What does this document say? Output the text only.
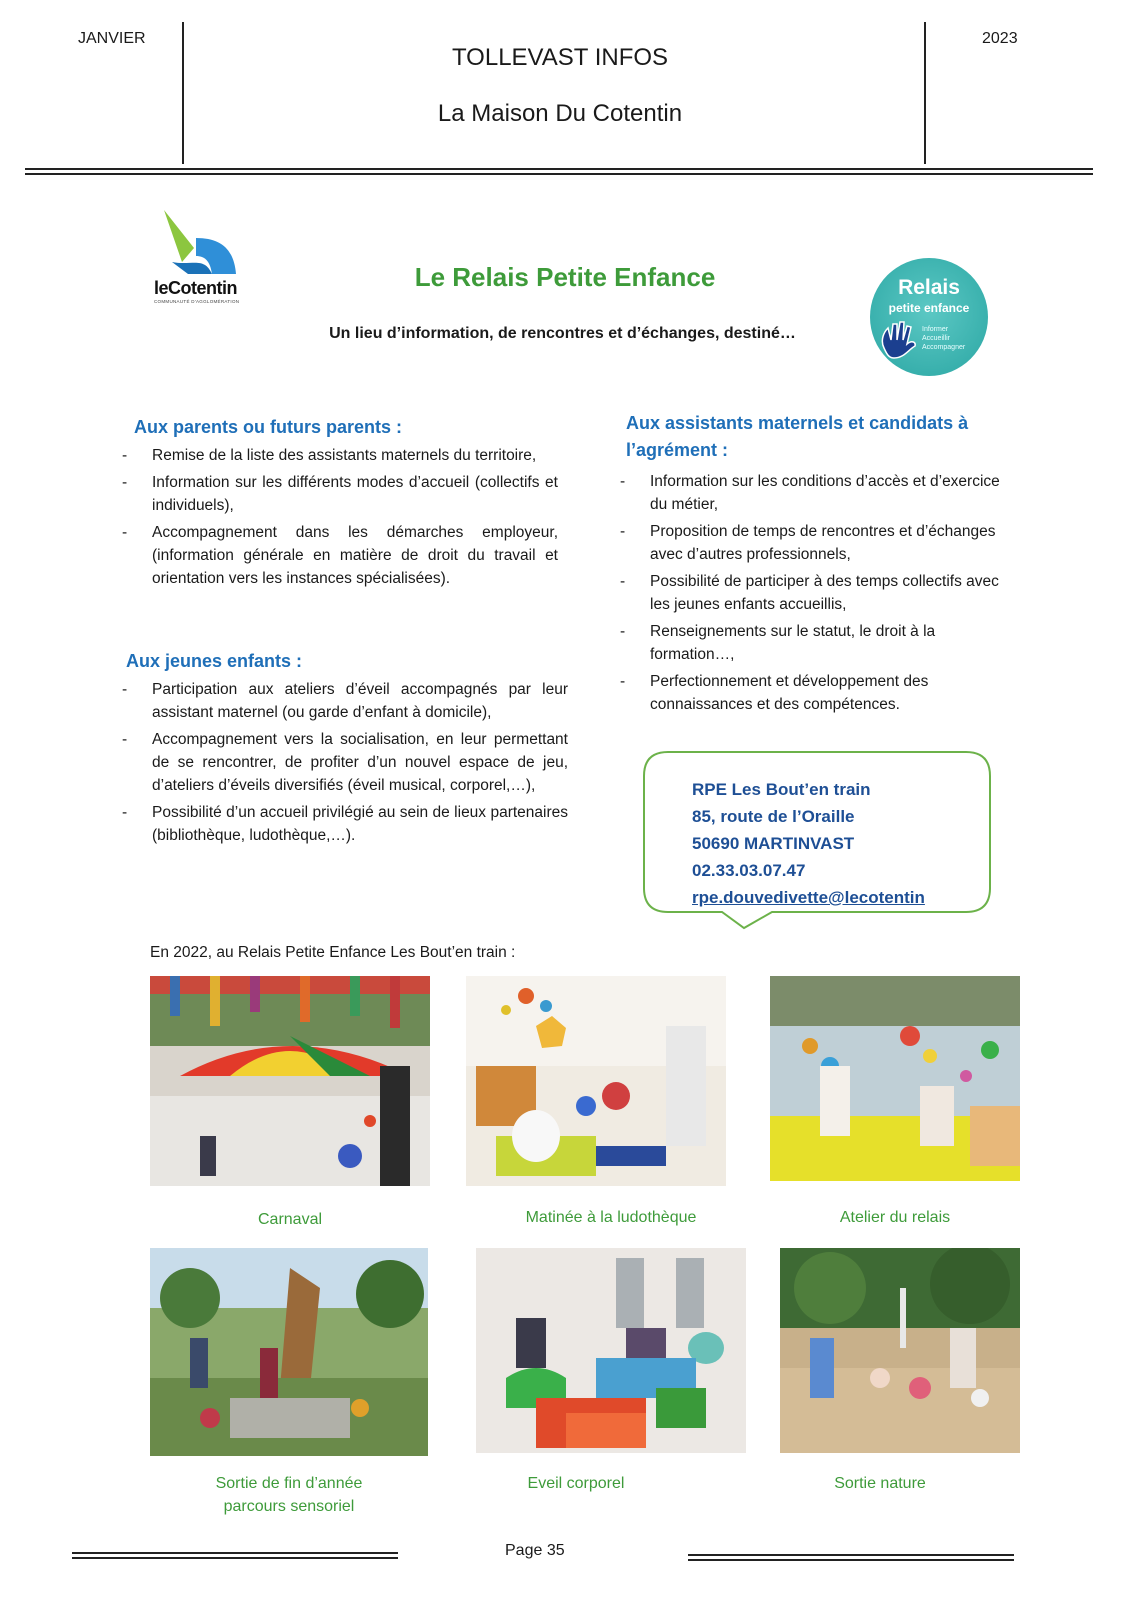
JANVIER	2023
TOLLEVAST INFOS
La Maison Du Cotentin
leCotentin
COMMUNAUTÉ D'AGGLOMÉRATION
Le Relais Petite Enfance
Un lieu d’information, de rencontres et d’échanges, destiné…
Relais
petite enfance
Informer
Accueillir
Accompagner
Aux parents ou futurs parents :
- Remise de la liste des assistants maternels du territoire,
- Information sur les différents modes d’accueil (collectifs et individuels),
- Accompagnement dans les démarches employeur, (information générale en matière de droit du travail et orientation vers les instances spécialisées).
Aux jeunes enfants :
- Participation aux ateliers d’éveil accompagnés par leur assistant maternel (ou garde d’enfant à domicile),
- Accompagnement vers la socialisation, en leur permettant de se rencontrer, de profiter d’un nouvel espace de jeu, d’ateliers d’éveils diversifiés (éveil musical, corporel,…),
- Possibilité d’un accueil privilégié au sein de lieux partenaires (bibliothèque, ludothèque,…).
Aux assistants maternels et candidats à l’agrément :
- Information sur les conditions d’accès et d’exercice du métier,
- Proposition de temps de rencontres et d’échanges avec d’autres professionnels,
- Possibilité de participer à des temps collectifs avec les jeunes enfants accueillis,
- Renseignements sur le statut, le droit à la formation…,
- Perfectionnement et développement des connaissances et des compétences.
RPE Les Bout’en train
85, route de l’Oraille
50690 MARTINVAST
02.33.03.07.47
rpe.douvedivette@lecotentin
En 2022, au Relais Petite Enfance Les Bout’en train :
Carnaval	Matinée à la ludothèque	Atelier du relais
Sortie de fin d’année
parcours sensoriel
Eveil corporel	Sortie nature
Page 35
